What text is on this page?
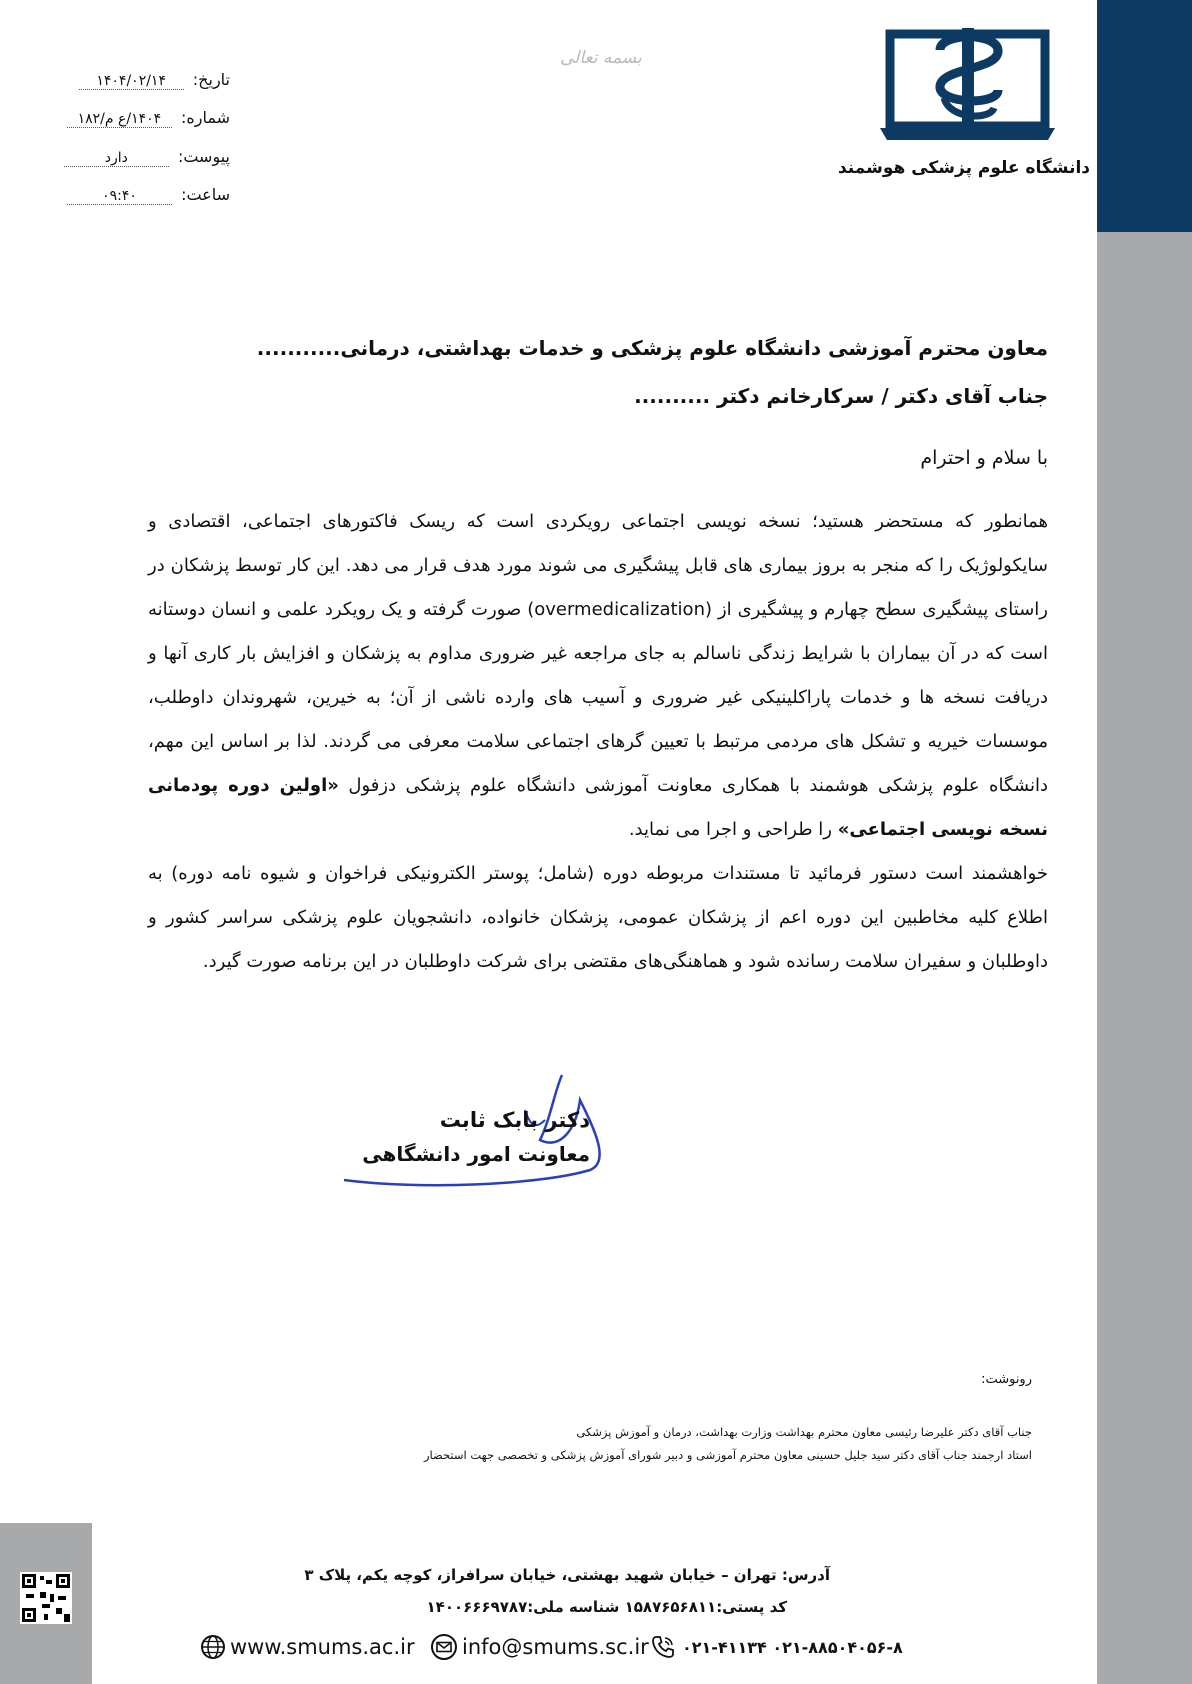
دانشگاه علوم پزشکی هوشمند
بسمه تعالی
تاریخ: ۱۴۰۴/۰۲/۱۴
شماره: ۱۴۰۴/ع م/۱۸۲
پیوست: دارد
ساعت: ۰۹:۴۰
معاون محترم آموزشی دانشگاه علوم پزشکی و خدمات بهداشتی، درمانی...........
جناب آقای دکتر / سرکارخانم دکتر ..........
با سلام و احترام

همانطور که مستحضر هستید؛ نسخه نویسی اجتماعی رویکردی است که ریسک فاکتورهای اجتماعی، اقتصادی و سایکولوژیک را که منجر به بروز بیماری های قابل پیشگیری می شوند مورد هدف قرار می دهد. این کار توسط پزشکان در راستای پیشگیری سطح چهارم و پیشگیری از (overmedicalization) صورت گرفته و یک رویکرد علمی و انسان دوستانه است که در آن بیماران با شرایط زندگی ناسالم به جای مراجعه غیر ضروری مداوم به پزشکان و افزایش بار کاری آنها و دریافت نسخه ها و خدمات پاراکلینیکی غیر ضروری و آسیب های وارده ناشی از آن؛ به خیرین، شهروندان داوطلب، موسسات خیریه و تشکل های مردمی مرتبط با تعیین گرهای اجتماعی سلامت معرفی می گردند. لذا بر اساس این مهم، دانشگاه علوم پزشکی هوشمند با همکاری معاونت آموزشی دانشگاه علوم پزشکی دزفول «اولین دوره پودمانی نسخه نویسی اجتماعی» را طراحی و اجرا می نماید.

خواهشمند است دستور فرمائید تا مستندات مربوطه دوره (شامل؛ پوستر الکترونیکی فراخوان و شیوه نامه دوره) به اطلاع کلیه مخاطبین این دوره اعم از پزشکان عمومی، پزشکان خانواده، دانشجویان علوم پزشکی سراسر کشور و داوطلبان و سفیران سلامت رسانده شود و هماهنگی‌های مقتضی برای شرکت داوطلبان در این برنامه صورت گیرد.

دکتر بابک ثابت
معاونت امور دانشگاهی
رونوشت:
جناب آقای دکتر علیرضا رئیسی معاون محترم بهداشت وزارت بهداشت، درمان و آموزش پزشکی
استاد ارجمند جناب آقای دکتر سید جلیل حسینی معاون محترم آموزشی و دبیر شورای آموزش پزشکی و تخصصی جهت استحضار
آدرس: تهران – خیابان شهید بهشتی، خیابان سرافراز، کوچه یکم، پلاک ۳
کد پستی:۱۵۸۷۶۵۶۸۱۱ شناسه ملی:۱۴۰۰۶۶۶۹۷۸۷
www.smums.ac.ir info@smums.sc.ir ۰۲۱-۸۸۵۰۴۰۵۶-۸ ۰۲۱-۴۱۱۳۴
